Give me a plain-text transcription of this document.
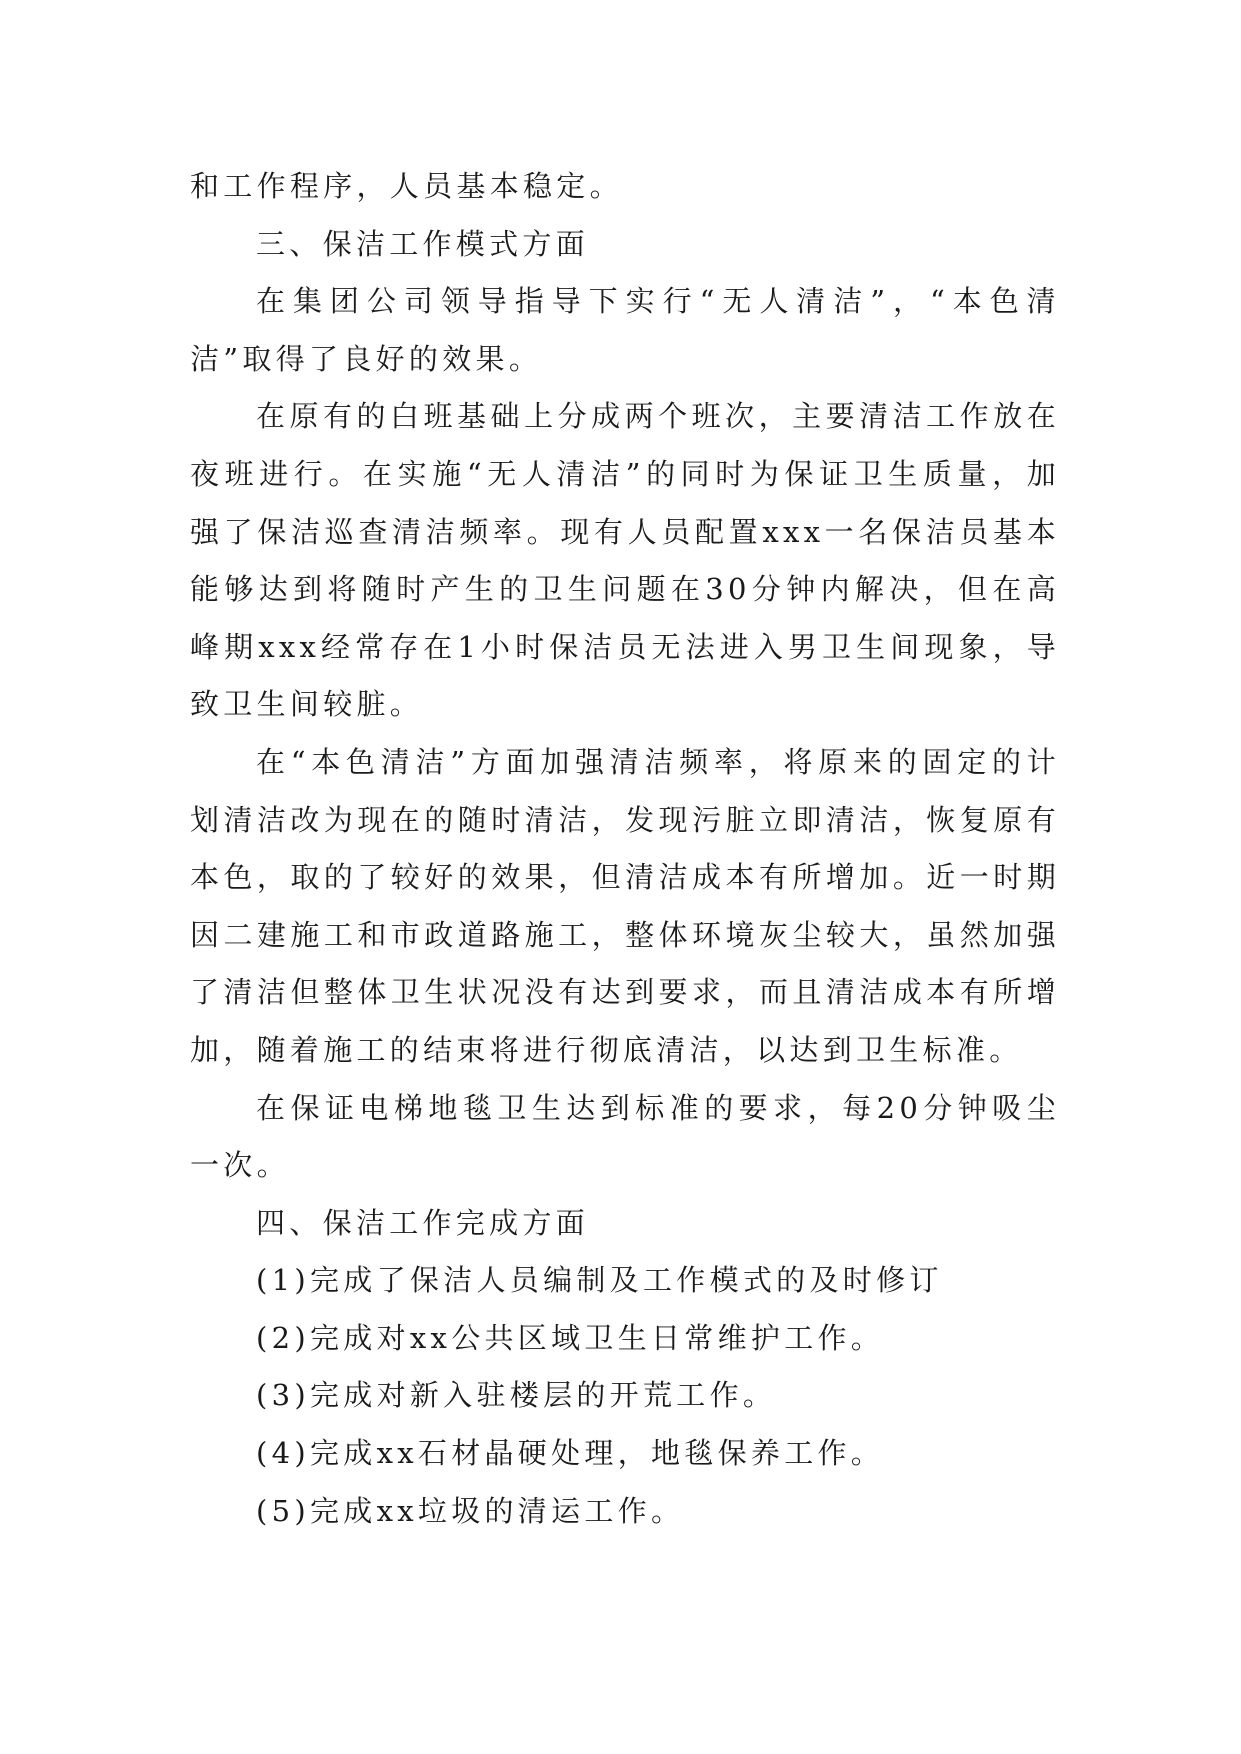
和工作程序，人员基本稳定。

三、保洁工作模式方面

在集团公司领导指导下实行“无人清洁”，“本色清洁”取得了良好的效果。

在原有的白班基础上分成两个班次，主要清洁工作放在夜班进行。在实施“无人清洁”的同时为保证卫生质量，加强了保洁巡查清洁频率。现有人员配置xxx一名保洁员基本能够达到将随时产生的卫生问题在30分钟内解决，但在高峰期xxx经常存在1小时保洁员无法进入男卫生间现象，导致卫生间较脏。

在“本色清洁”方面加强清洁频率，将原来的固定的计划清洁改为现在的随时清洁，发现污脏立即清洁，恢复原有本色，取的了较好的效果，但清洁成本有所增加。近一时期因二建施工和市政道路施工，整体环境灰尘较大，虽然加强了清洁但整体卫生状况没有达到要求，而且清洁成本有所增加，随着施工的结束将进行彻底清洁，以达到卫生标准。

在保证电梯地毯卫生达到标准的要求，每20分钟吸尘一次。

四、保洁工作完成方面

(1)完成了保洁人员编制及工作模式的及时修订

(2)完成对xx公共区域卫生日常维护工作。

(3)完成对新入驻楼层的开荒工作。

(4)完成xx石材晶硬处理，地毯保养工作。

(5)完成xx垃圾的清运工作。
